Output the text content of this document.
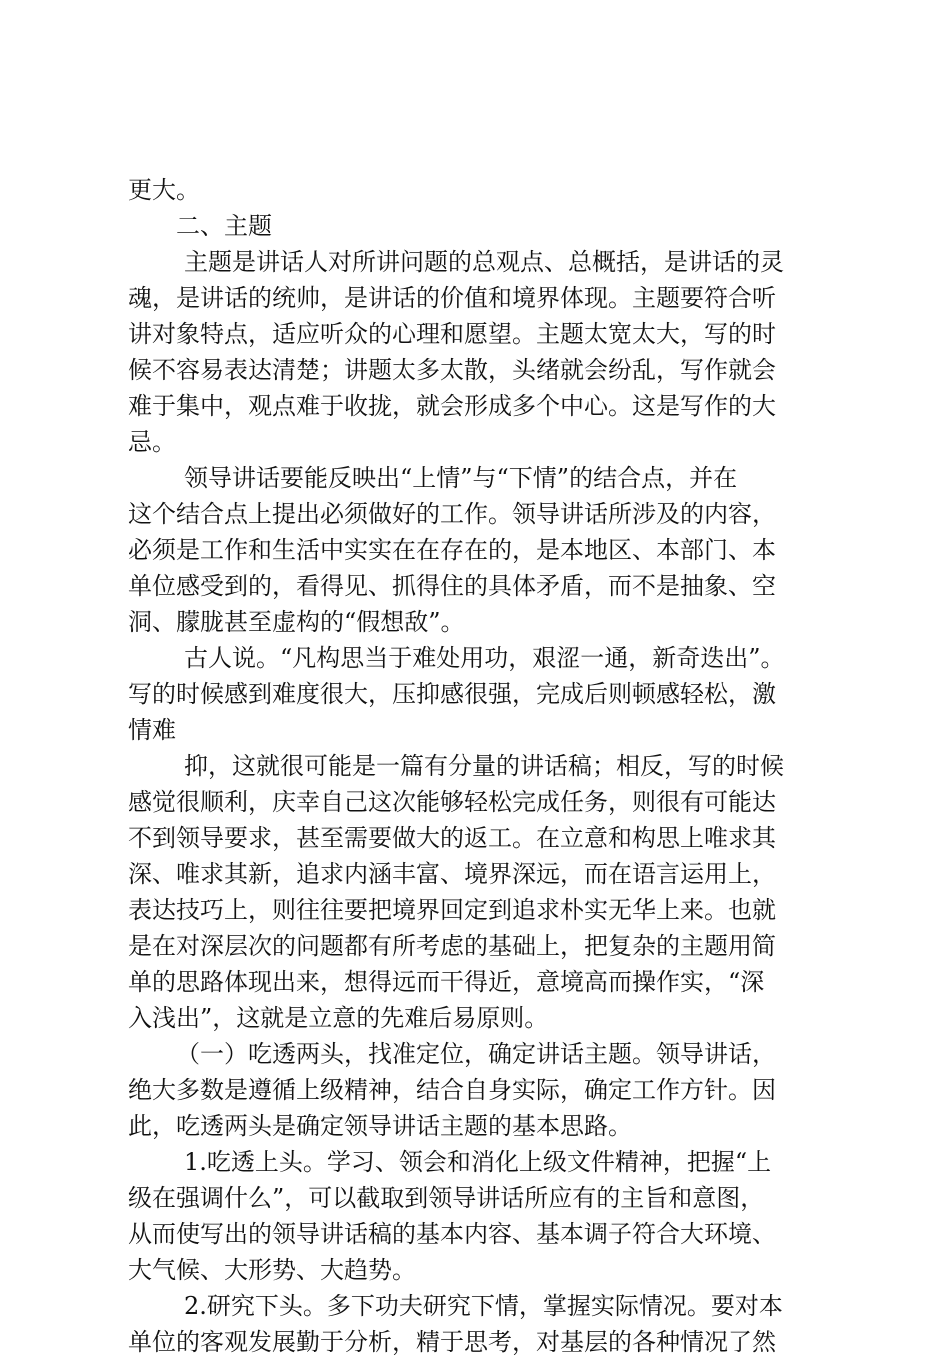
更大。
二、主题
主题是讲话人对所讲问题的总观点、总概括，是讲话的灵
魂，是讲话的统帅，是讲话的价值和境界体现。主题要符合听
讲对象特点，适应听众的心理和愿望。主题太宽太大，写的时
候不容易表达清楚；讲题太多太散，头绪就会纷乱，写作就会
难于集中，观点难于收拢，就会形成多个中心。这是写作的大
忌。
领导讲话要能反映出“上情”与“下情”的结合点，并在
这个结合点上提出必须做好的工作。领导讲话所涉及的内容，
必须是工作和生活中实实在在存在的，是本地区、本部门、本
单位感受到的，看得见、抓得住的具体矛盾，而不是抽象、空
洞、朦胧甚至虚构的“假想敌”。
古人说。“凡构思当于难处用功，艰涩一通，新奇迭出”。
写的时候感到难度很大，压抑感很强，完成后则顿感轻松，激
情难
抑，这就很可能是一篇有分量的讲话稿；相反，写的时候
感觉很顺利，庆幸自己这次能够轻松完成任务，则很有可能达
不到领导要求，甚至需要做大的返工。在立意和构思上唯求其
深、唯求其新，追求内涵丰富、境界深远，而在语言运用上，
表达技巧上，则往往要把境界回定到追求朴实无华上来。也就
是在对深层次的问题都有所考虑的基础上，把复杂的主题用简
单的思路体现出来，想得远而干得近，意境高而操作实，“深
入浅出”，这就是立意的先难后易原则。
（一）吃透两头，找准定位，确定讲话主题。领导讲话，
绝大多数是遵循上级精神，结合自身实际，确定工作方针。因
此，吃透两头是确定领导讲话主题的基本思路。
1.吃透上头。学习、领会和消化上级文件精神，把握“上
级在强调什么”，可以截取到领导讲话所应有的主旨和意图，
从而使写出的领导讲话稿的基本内容、基本调子符合大环境、
大气候、大形势、大趋势。
2.研究下头。多下功夫研究下情，掌握实际情况。要对本
单位的客观发展勤于分析，精于思考，对基层的各种情况了然
